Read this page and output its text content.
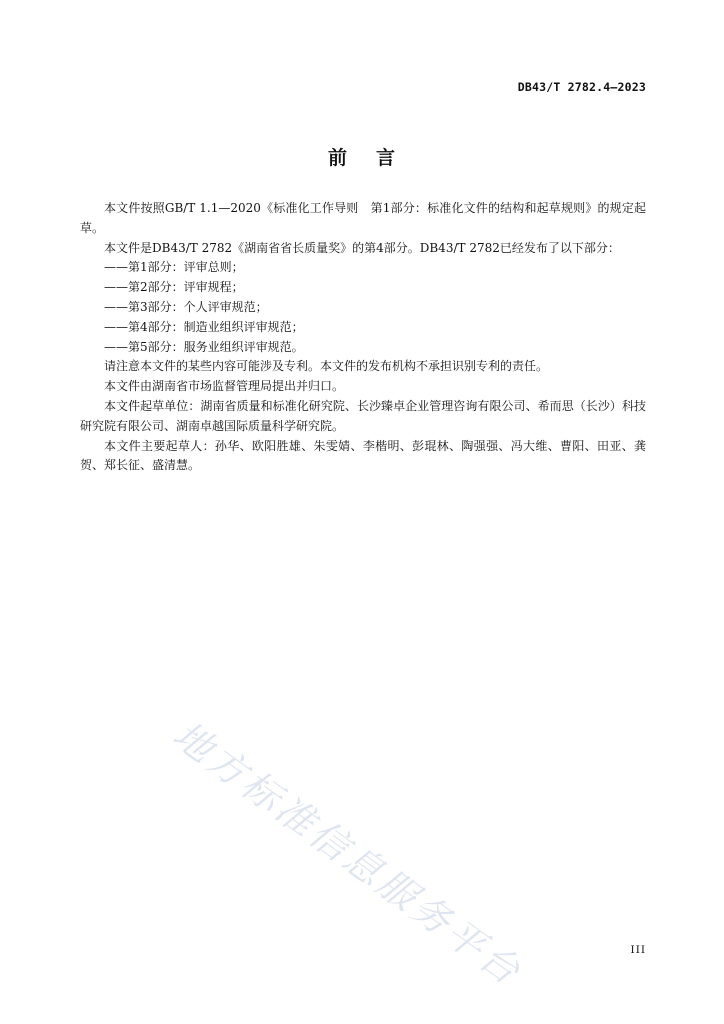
DB43/T 2782.4—2023
前 言

本文件按照GB/T 1.1—2020《标准化工作导则　第1部分：标准化文件的结构和起草规则》的规定起草。

本文件是DB43/T 2782《湖南省省长质量奖》的第4部分。DB43/T 2782已经发布了以下部分：

——第1部分：评审总则；

——第2部分：评审规程；

——第3部分：个人评审规范；

——第4部分：制造业组织评审规范；

——第5部分：服务业组织评审规范。

请注意本文件的某些内容可能涉及专利。本文件的发布机构不承担识别专利的责任。

本文件由湖南省市场监督管理局提出并归口。

本文件起草单位：湖南省质量和标准化研究院、长沙臻卓企业管理咨询有限公司、希而思（长沙）科技研究院有限公司、湖南卓越国际质量科学研究院。

本文件主要起草人：孙华、欧阳胜雄、朱雯婧、李楷明、彭琨林、陶强强、冯大维、曹阳、田亚、龚贺、郑长征、盛清慧。

地方标准信息服务平台	III
